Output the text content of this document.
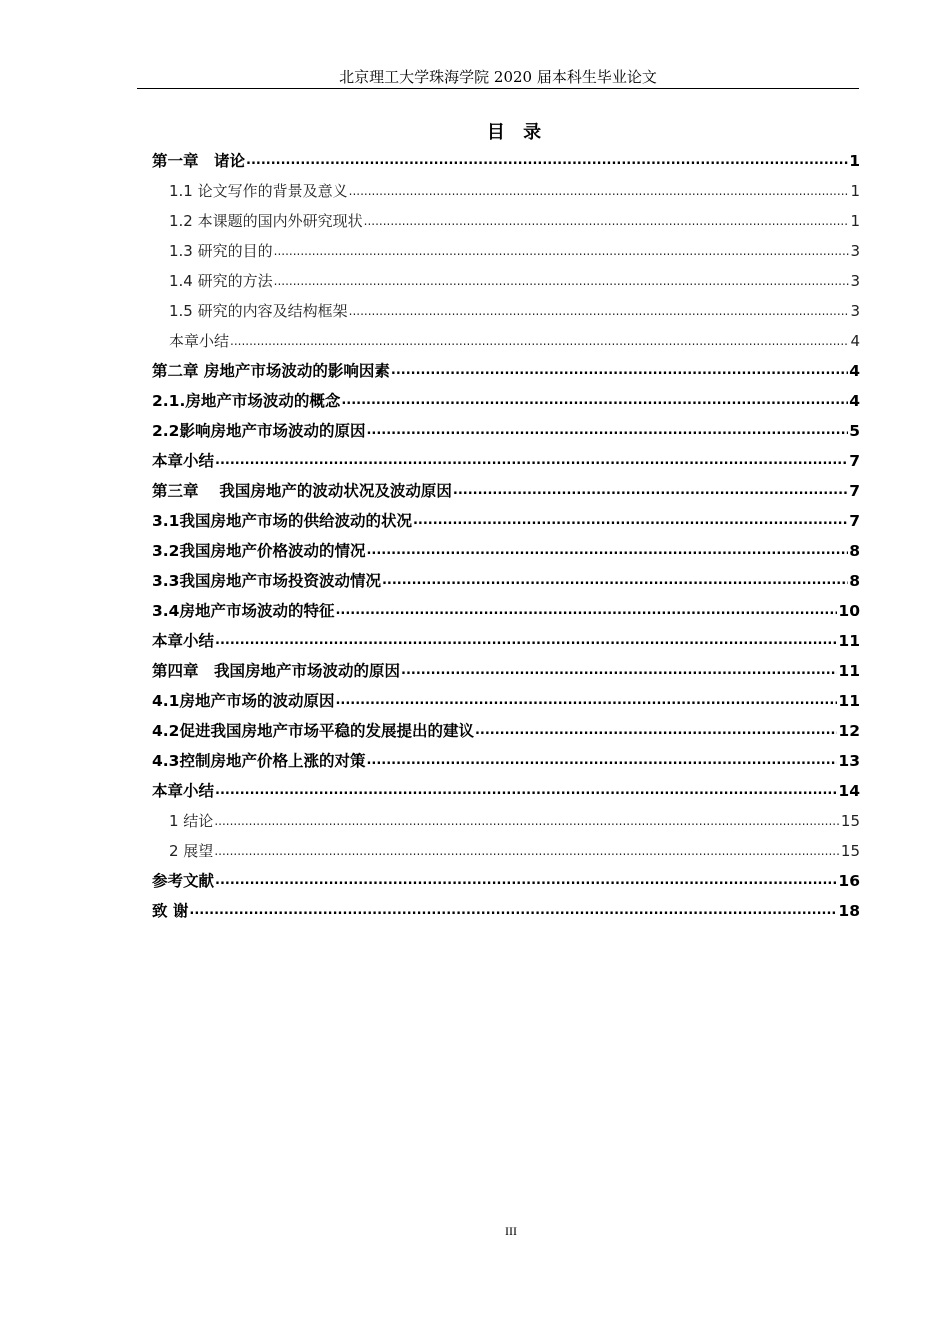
北京理工大学珠海学院 2020 届本科生毕业论文
目 录
第一章　诸论 .....	1
1.1 论文写作的背景及意义 .....	1
1.2 本课题的国内外研究现状 .....	1
1.3 研究的目的 .....	3
1.4 研究的方法 .....	3
1.5 研究的内容及结构框架 .....	3
本章小结 .....	4
第二章 房地产市场波动的影响因素 .....	4
2.1.房地产市场波动的概念 .....	4
2.2影响房地产市场波动的原因 .....	5
本章小结 .....	7
第三章　 我国房地产的波动状况及波动原因 .....	7
3.1我国房地产市场的供给波动的状况 .....	7
3.2我国房地产价格波动的情况 .....	8
3.3我国房地产市场投资波动情况 .....	8
3.4房地产市场波动的特征 .....	10
本章小结 .....	11
第四章　我国房地产市场波动的原因 .....	11
4.1房地产市场的波动原因 .....	11
4.2促进我国房地产市场平稳的发展提出的建议 .....	12
4.3控制房地产价格上涨的对策 .....	13
本章小结 .....	14
1 结论 .....	15
2 展望 .....	15
参考文献 .....	16
致 谢 .....	18
III
